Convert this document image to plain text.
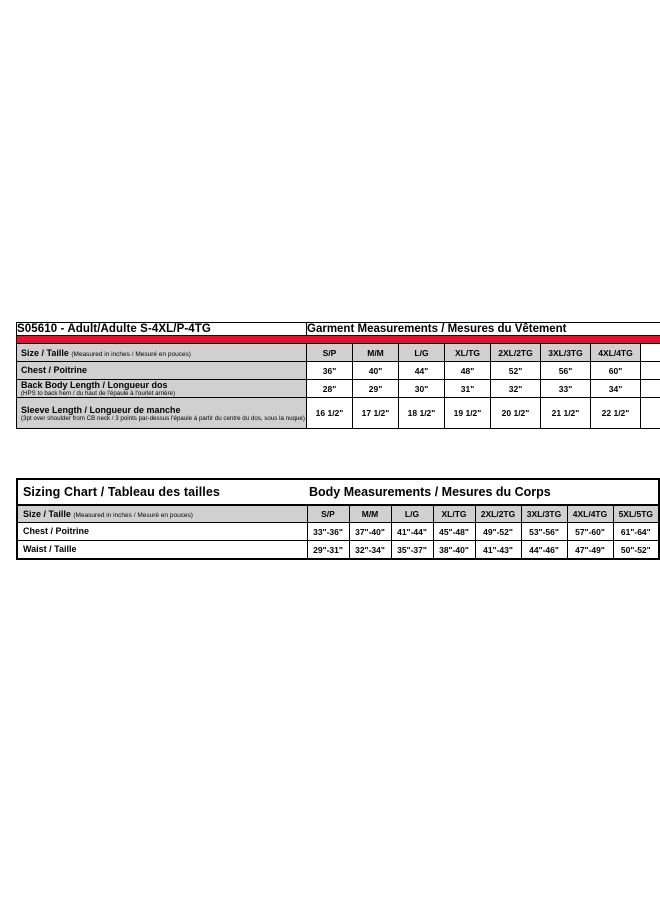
S05610 - Adult/Adulte S-4XL/P-4TG	Garment Measurements / Mesures du Vêtement							

Size / Taille (Measured in inches / Mesuré en pouces)	S/P	M/M	L/G	XL/TG	2XL/2TG	3XL/3TG	4XL/4TG	
Chest / Poitrine	36"	40"	44"	48"	52"	56"	60"	
Back Body Length / Longueur dos
(HPS to back hem / du haut de l'épaule à l'ourlet arrière)	28"	29"	30"	31"	32"	33"	34"	
Sleeve Length / Longueur de manche
(3pt over shoulder from CB neck / 3 points par-dessus l'épaule à partir du centre du dos, sous la nuque)	16 1/2"	17 1/2"	18 1/2"	19 1/2"	20 1/2"	21 1/2"	22 1/2"	
Sizing Chart / Tableau des tailles	Body Measurements / Mesures du Corps							
Size / Taille (Measured in inches / Mesuré en pouces)	S/P	M/M	L/G	XL/TG	2XL/2TG	3XL/3TG	4XL/4TG	5XL/5TG
Chest / Poitrine	33"-36"	37"-40"	41"-44"	45"-48"	49"-52"	53"-56"	57"-60"	61"-64"
Waist / Taille	29"-31"	32"-34"	35"-37"	38"-40"	41"-43"	44"-46"	47"-49"	50"-52"
